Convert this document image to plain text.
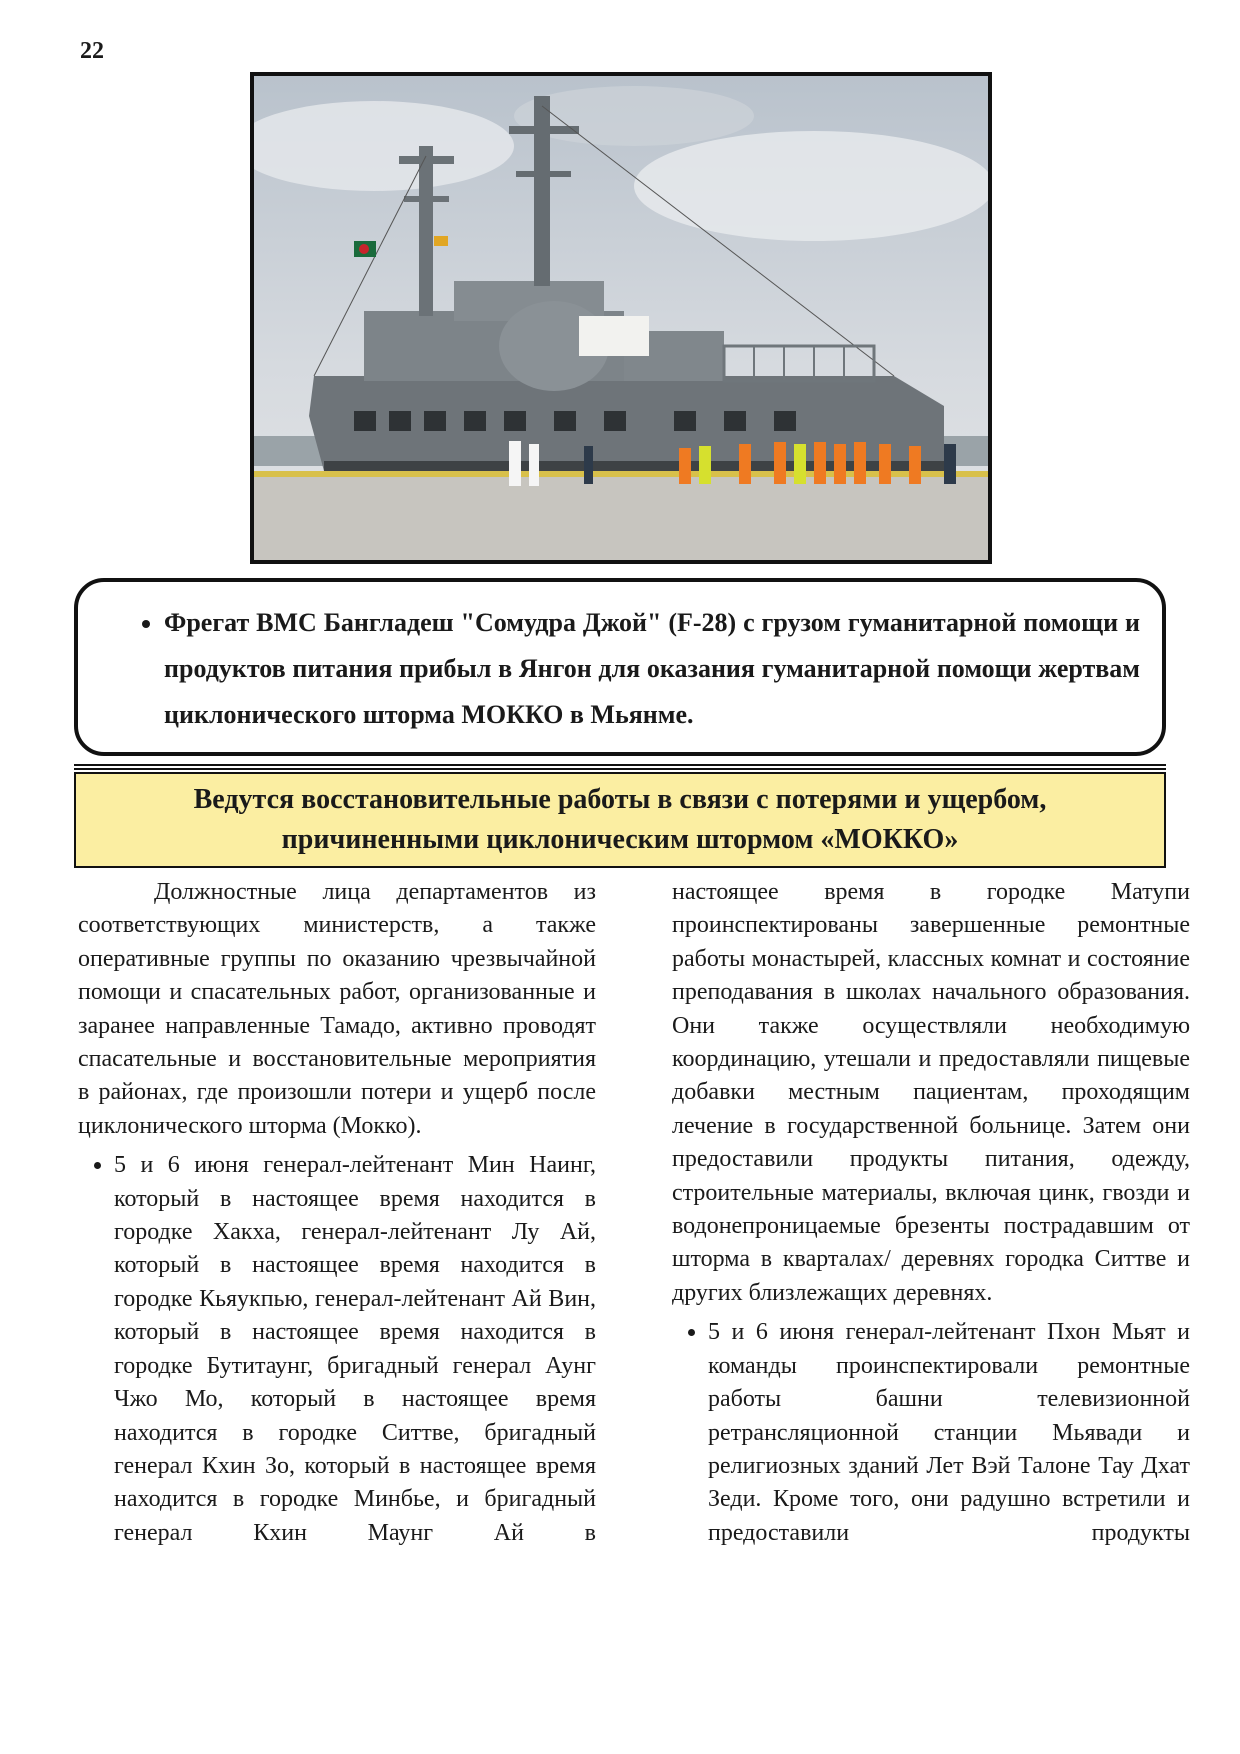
22
• Фрегат ВМС Бангладеш "Сомудра Джой" (F-28) с грузом гуманитарной помощи и продуктов питания прибыл в Янгон для оказания гуманитарной помощи жертвам циклонического шторма МОККО в Мьянме.
Ведутся восстановительные работы в связи с потерями и ущербом,
причиненными циклоническим штормом «МОККО»

Должностные лица департаментов из соответствующих министерств, а также оперативные группы по оказанию чрезвычайной помощи и спасательных работ, организованные и заранее направленные Тамадо, активно проводят спасательные и восстановительные мероприятия в районах, где произошли потери и ущерб после циклонического шторма (Мокко).

• 5 и 6 июня генерал-лейтенант Мин Наинг, который в настоящее время находится в городке Хакха, генерал-лейтенант Лу Ай, который в настоящее время находится в городке Кьяукпью, генерал-лейтенант Ай Вин, который в настоящее время находится в городке Бутитаунг, бригадный генерал Аунг Чжо Мо, который в настоящее время находится в городке Ситтве, бригадный генерал Кхин Зо, который в настоящее время находится в городке Минбье, и бригадный генерал Кхин Маунг Ай в

настоящее время в городке Матупи проинспектированы завершенные ремонтные работы монастырей, классных комнат и состояние преподавания в школах начального образования. Они также осуществляли необходимую координацию, утешали и предоставляли пищевые добавки местным пациентам, проходящим лечение в государственной больнице. Затем они предоставили продукты питания, одежду, строительные материалы, включая цинк, гвозди и водонепроницаемые брезенты пострадавшим от шторма в кварталах/ деревнях городка Ситтве и других близлежащих деревнях.

• 5 и 6 июня генерал-лейтенант Пхон Мьят и команды проинспектировали ремонтные работы башни телевизионной ретрансляционной станции Мьявади и религиозных зданий Лет Вэй Талоне Тау Дхат Зеди. Кроме того, они радушно встретили и предоставили продукты
